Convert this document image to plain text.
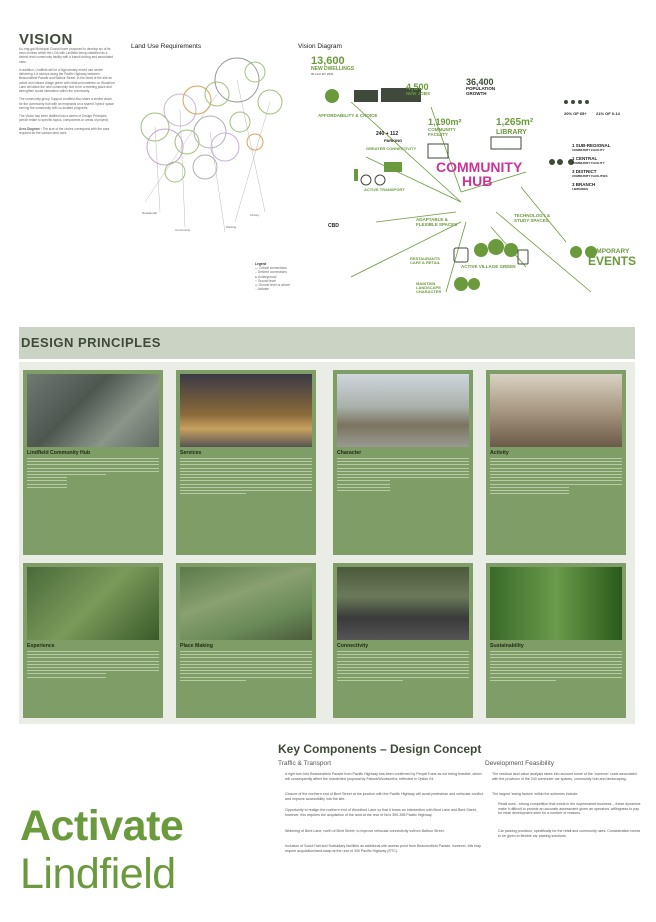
VISION

Ku-ring-gai Municipal Council have proposed to develop six of its town centres within the LGA with Lindfield being classified as a district level community facility with a transit driving and associated uses.

In addition, Lindfield will be a high density mixed use centre delivering 4-6 storeys along the Pacific Highway between Beaconsfield Parade and Balfour Street. In the heart of the site an active and vibrant village green with retail and eateries on Woodford Lane will allow the new community hub to be a meeting place and strengthen social interaction within the community.

The community group Support Lindfield also share a similar vision for the community hub with an emphasis on a shared 'hybrid' space serving the community with co-located programs.

The Vision has been distilled into a series of Design Principles (which relate to specific topics, components or areas of project).

Area Diagram : The size of the circles correspond with the area required for the various land uses.

Land Use Requirements
Residential	Library
Parking
Community
Legend
— Critical connections
-- Desired connections
● Underground
○ Ground level
◎ Ground level or above
◌ Activate
Vision Diagram
13,600
NEW DWELLINGS
IN LGA BY 2031
AFFORDABILITY & CHOICE
4,500
NEW JOBS
36,400
POPULATION GROWTH
240 + 112
PARKING
GREATER CONNECTIVITY
1,190m²
COMMUNITY FACILITY
1,265m²
LIBRARY
COMMUNITY
HUB
20% OF 65+ 21% OF 0-14
1 SUB-REGIONAL
COMMUNITY FACILITY
1 CENTRAL
COMMUNITY FACILITY
3 DISTRICT
COMMUNITY FACILITIES
3 BRANCH
LIBRARIES
ACTIVE TRANSPORT
ADAPTABLE & FLEXIBLE SPACES
TECHNOLOGY & STUDY SPACES
CBD
RESTAURANTS CAFE & RETAIL
ACTIVE VILLAGE GREEN
TEMPORARY
EVENTS
MAINTAIN LANDSCAPE CHARACTER
DESIGN PRINCIPLES
Lindfield Community Hub	Services	Character	Activity
Experience	Place Making	Connectivity	Sustainability
Activate
Lindfield
Key Components – Design Concept
Traffic & Transport	Development Feasibility
A right turn into Beaconsfield Parade from Pacific Highway has been confirmed by PeopleTrans as not being feasible, which will consequently affect the unsolicited proposal by Fabcot/Woolworths, reflected in Option 04.
Closure of the northern end of Bent Street at the junction with the Pacific Highway will avoid pedestrian and vehicular conflict, and improve accessibility into the site.
Opportunity to realign the northern end of Woodford Lane so that it forms an intersection with Bent Lane and Bent Street, however, this requires the acquisition of the land at the rear of No's 390-398 Pacific Highway.
Widening of Bent Lane, north of Bent Street, to improve vehicular connectivity to/from Balfour Street.
Inclusion of Scout Hall and Subsidiary facilities as additional site access point from Beaconsfield Parade, however, this may require acquisition/land-swap at the rear of 390 Pacific Highway (RTC).
The residual land value analysis takes into account some of the 'common' costs associated with the provision of the 240 commuter car spaces, community hub and landscaping.
The largest 'swing factors' within the schemes include:
Retail uses - strong competition that exists in the supermarket business – these dynamics make it difficult to provide an accurate assessment given an operators' willingness to pay for retail development sites for a number of reasons.
Car parking provision, specifically for the retail and community uses. Consideration needs to be given to flexible car parking solutions.
